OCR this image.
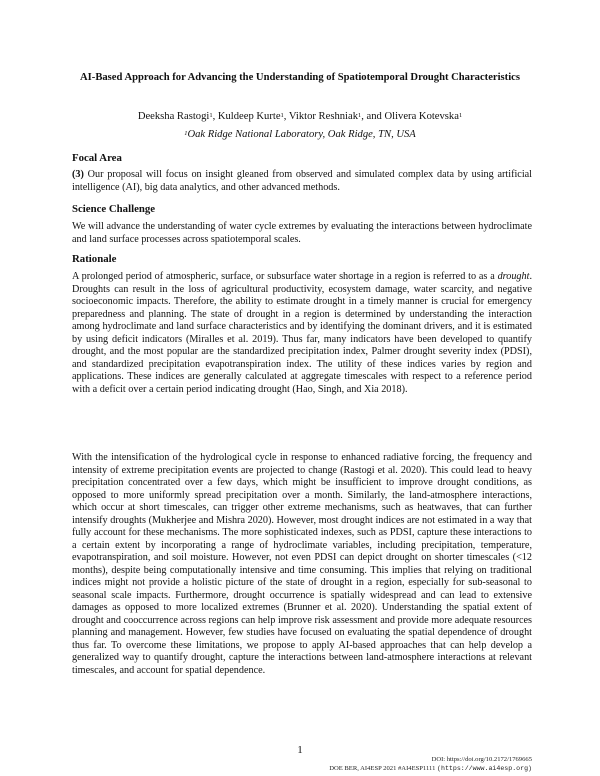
AI-Based Approach for Advancing the Understanding of Spatiotemporal Drought Characteristics
Deeksha Rastogi$^1$, Kuldeep Kurte$^1$, Viktor Reshniak$^1$, and Olivera Kotevska$^1$
$^1$Oak Ridge National Laboratory, Oak Ridge, TN, USA
Focal Area
(3) Our proposal will focus on insight gleaned from observed and simulated complex data by using artificial intelligence (AI), big data analytics, and other advanced methods.
Science Challenge
We will advance the understanding of water cycle extremes by evaluating the interactions between hydroclimate and land surface processes across spatiotemporal scales.
Rationale
A prolonged period of atmospheric, surface, or subsurface water shortage in a region is referred to as a drought. Droughts can result in the loss of agricultural productivity, ecosystem damage, water scarcity, and negative socioeconomic impacts. Therefore, the ability to estimate drought in a timely manner is crucial for emergency preparedness and planning. The state of drought in a region is determined by understanding the interaction among hydroclimate and land surface characteristics and by identifying the dominant drivers, and it is estimated by using deficit indicators (Miralles et al. 2019). Thus far, many indicators have been developed to quantify drought, and the most popular are the standardized precipitation index, Palmer drought severity index (PDSI), and standardized precipitation evapotranspiration index. The utility of these indices varies by region and applications. These indices are generally calculated at aggregate timescales with respect to a reference period with a deficit over a certain period indicating drought (Hao, Singh, and Xia 2018).
With the intensification of the hydrological cycle in response to enhanced radiative forcing, the frequency and intensity of extreme precipitation events are projected to change (Rastogi et al. 2020). This could lead to heavy precipitation concentrated over a few days, which might be insufficient to improve drought conditions, as opposed to more uniformly spread precipitation over a month. Similarly, the land-atmosphere interactions, which occur at short timescales, can trigger other extreme mechanisms, such as heatwaves, that can further intensify droughts (Mukherjee and Mishra 2020). However, most drought indices are not estimated in a way that fully account for these mechanisms. The more sophisticated indexes, such as PDSI, capture these interactions to a certain extent by incorporating a range of hydroclimate variables, including precipitation, temperature, evapotranspiration, and soil moisture. However, not even PDSI can depict drought on shorter timescales (<12 months), despite being computationally intensive and time consuming. This implies that relying on traditional indices might not provide a holistic picture of the state of drought in a region, especially for sub-seasonal to seasonal scale impacts. Furthermore, drought occurrence is spatially widespread and can lead to extensive damages as opposed to more localized extremes (Brunner et al. 2020). Understanding the spatial extent of drought and cooccurrence across regions can help improve risk assessment and provide more adequate resources planning and management. However, few studies have focused on evaluating the spatial dependence of drought thus far. To overcome these limitations, we propose to apply AI-based approaches that can help develop a generalized way to quantify drought, capture the interactions between land-atmosphere interactions at relevant timescales, and account for spatial dependence.
1
DOI: https://doi.org/10.2172/1769665
DOE BER, AI4ESP 2021 #AI4ESP1111 (https://www.ai4esp.org)
